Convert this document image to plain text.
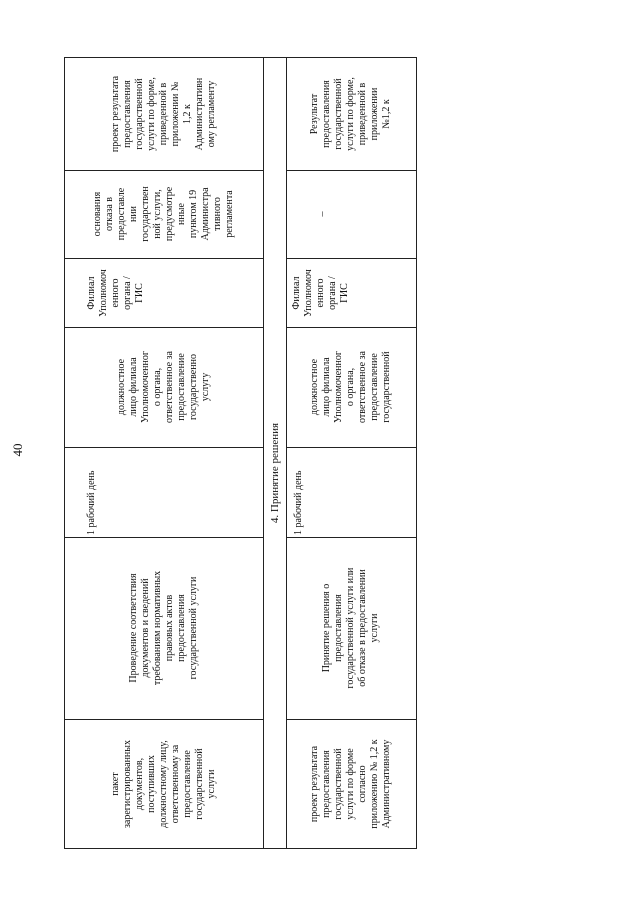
40
пакет зарегистрированных документов, поступивших должностному лицу, ответственному за предоставление государственной услуги
Проведение соответствия документов и сведений требованиям нормативных правовых актов предоставления государственной услуги
1 рабочий день
должностное лицо филиала Уполномоченног о органа, ответственное за предоставление государственно услугу
Филиал Уполномоч енного органа / ГИС
основания отказа в предоставле нии государствен ной услуги, предусмотре нные пунктом 19 Администра тивного регламента
проект результата предоставления государственной услуги по форме, приведенной в приложении № 1,2 к Административн ому регламенту
4. Принятие решения
проект результата предоставления государственной услуги по форме согласно приложению № 1,2 к Административному
Принятие решения о предоставления государственной услуги или об отказе в предоставлении услуги
1 рабочий день
должностное лицо филиала Уполномоченног о органа, ответственное за предоставление государственной
Филиал Уполномоч енного органа / ГИС
–
Результат предоставления государственной услуги по форме, приведенной в приложении №1,2 к
